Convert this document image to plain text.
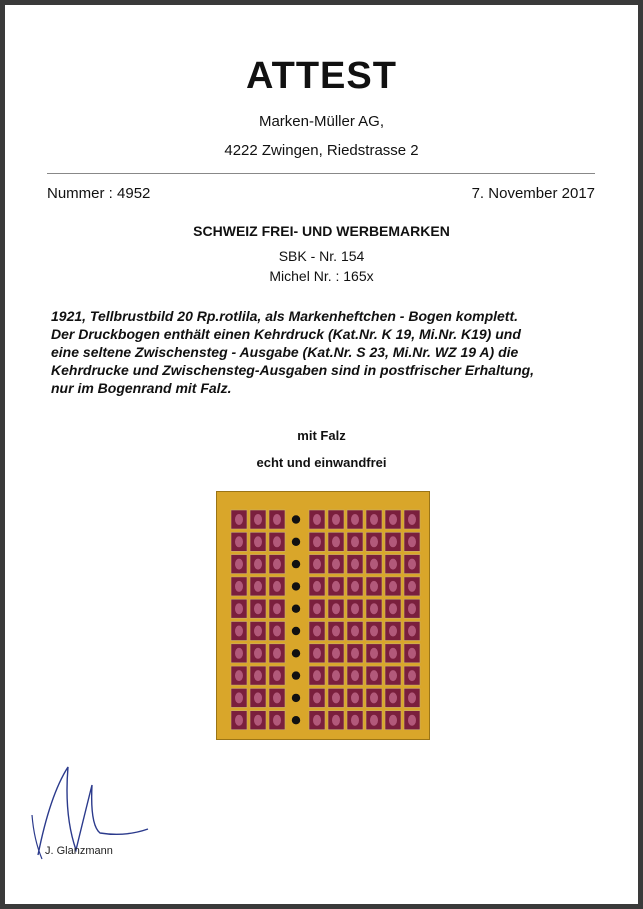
ATTEST
Marken-Müller AG,
4222 Zwingen, Riedstrasse 2
Nummer : 4952	7. November 2017
SCHWEIZ FREI- UND WERBEMARKEN
SBK - Nr. 154
Michel Nr. : 165x
1921, Tellbrustbild 20 Rp.rotlila, als Markenheftchen - Bogen komplett.
Der Druckbogen enthält einen Kehrdruck (Kat.Nr. K 19, Mi.Nr. K19) und
eine seltene Zwischensteg - Ausgabe (Kat.Nr. S 23, Mi.Nr. WZ 19 A) die
Kehrdrucke und Zwischensteg-Ausgaben sind in postfrischer Erhaltung,
nur im Bogenrand mit Falz.
mit Falz
echt und einwandfrei
J. Glanzmann
